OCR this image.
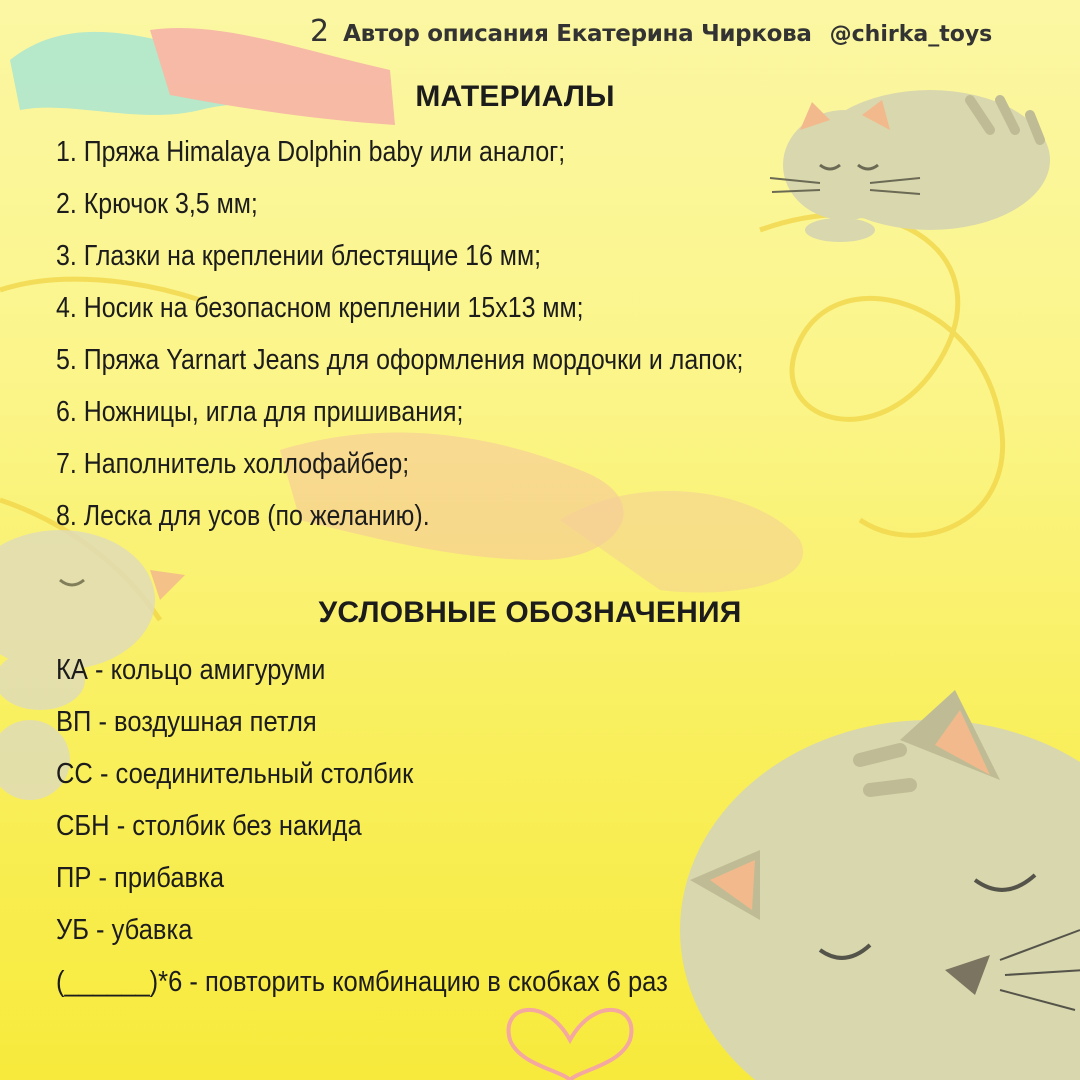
2 Автор описания Екатерина Чиркова @chirka_toys
МАТЕРИАЛЫ
1. Пряжа Himalaya Dolphin baby или аналог;
2. Крючок 3,5 мм;
3. Глазки на креплении блестящие 16 мм;
4. Носик на безопасном креплении 15х13 мм;
5. Пряжа Yarnart Jeans для оформления мордочки и лапок;
6. Ножницы, игла для пришивания;
7. Наполнитель холлофайбер;
8. Леска для усов (по желанию).
УСЛОВНЫЕ ОБОЗНАЧЕНИЯ
КА - кольцо амигуруми
ВП - воздушная петля
СС - соединительный столбик
СБН - столбик без накида
ПР - прибавка
УБ - убавка
(______)*6 - повторить комбинацию в скобках 6 раз
